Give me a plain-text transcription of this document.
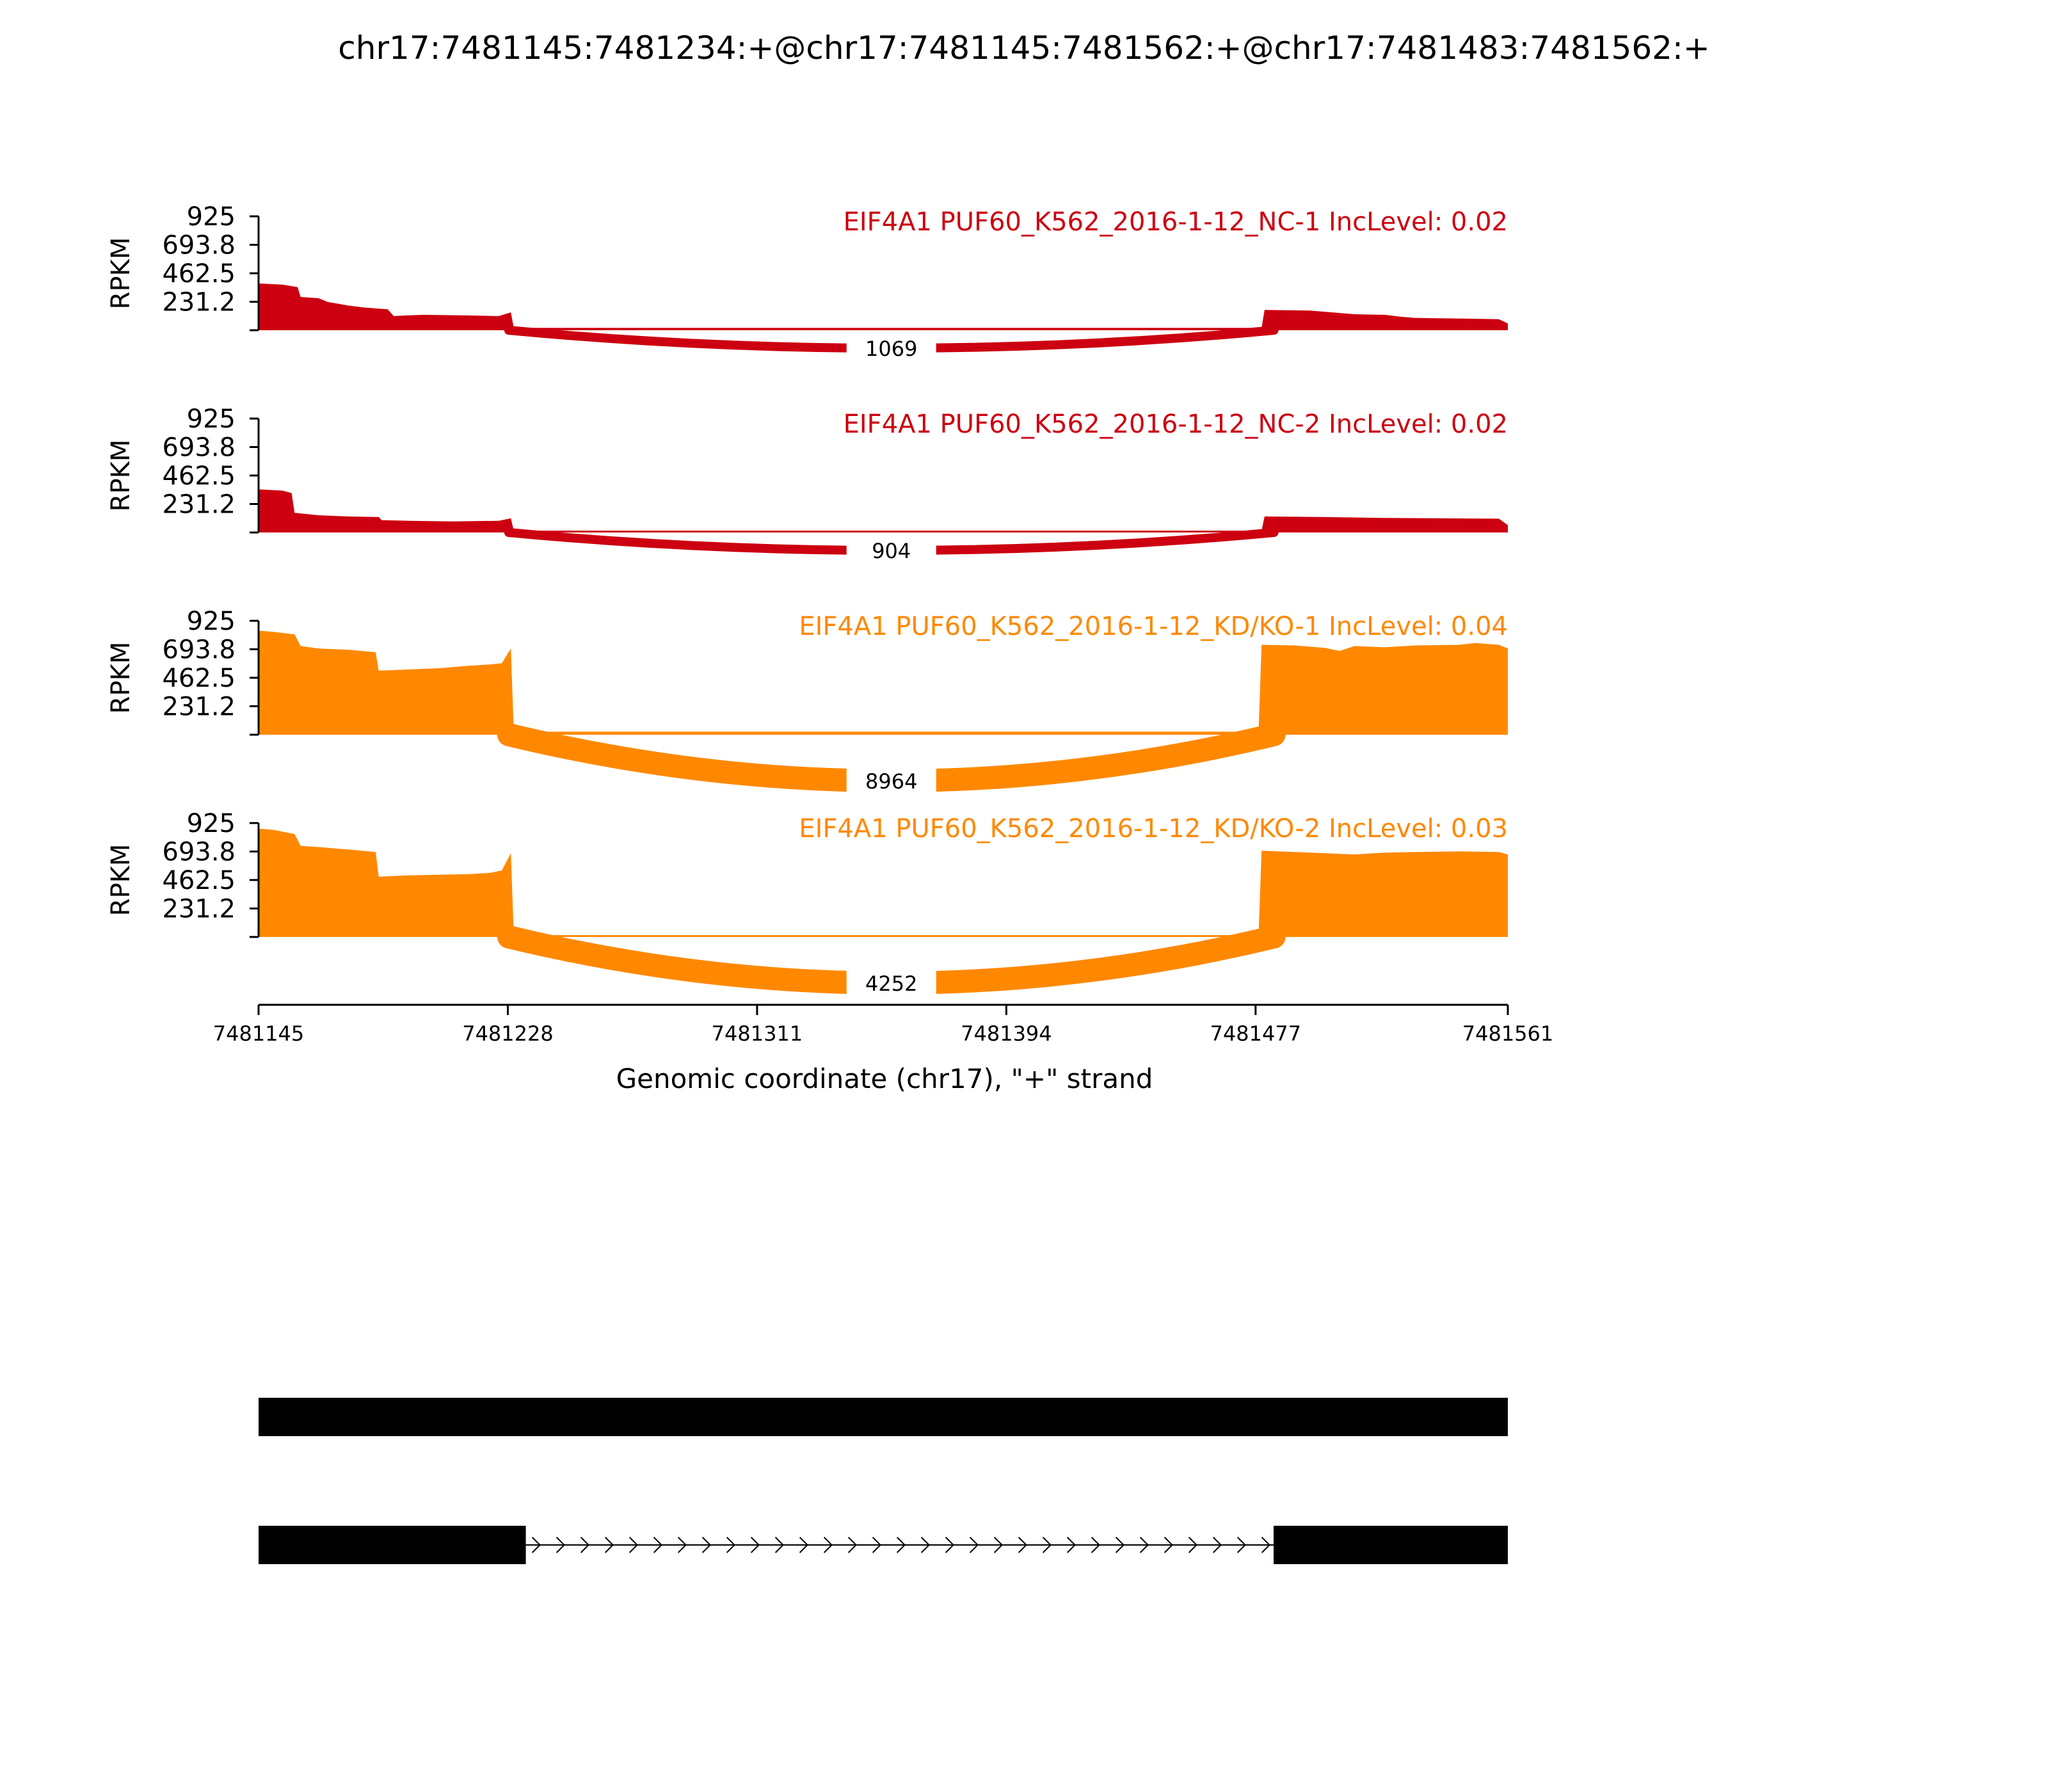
chr17:7481145:7481234:+@chr17:7481145:7481562:+@chr17:7481483:7481562:+
925
693.8
462.5
231.2
RPKM
EIF4A1 PUF60_K562_2016-1-12_NC-1 IncLevel: 0.02
1069
925
693.8
462.5
231.2
RPKM
EIF4A1 PUF60_K562_2016-1-12_NC-2 IncLevel: 0.02
904
925
693.8
462.5
231.2
RPKM
EIF4A1 PUF60_K562_2016-1-12_KD/KO-1 IncLevel: 0.04
8964
925
693.8
462.5
231.2
RPKM
EIF4A1 PUF60_K562_2016-1-12_KD/KO-2 IncLevel: 0.03
4252
7481145	7481228	7481311	7481394	7481477	7481561
Genomic coordinate (chr17), "+" strand
